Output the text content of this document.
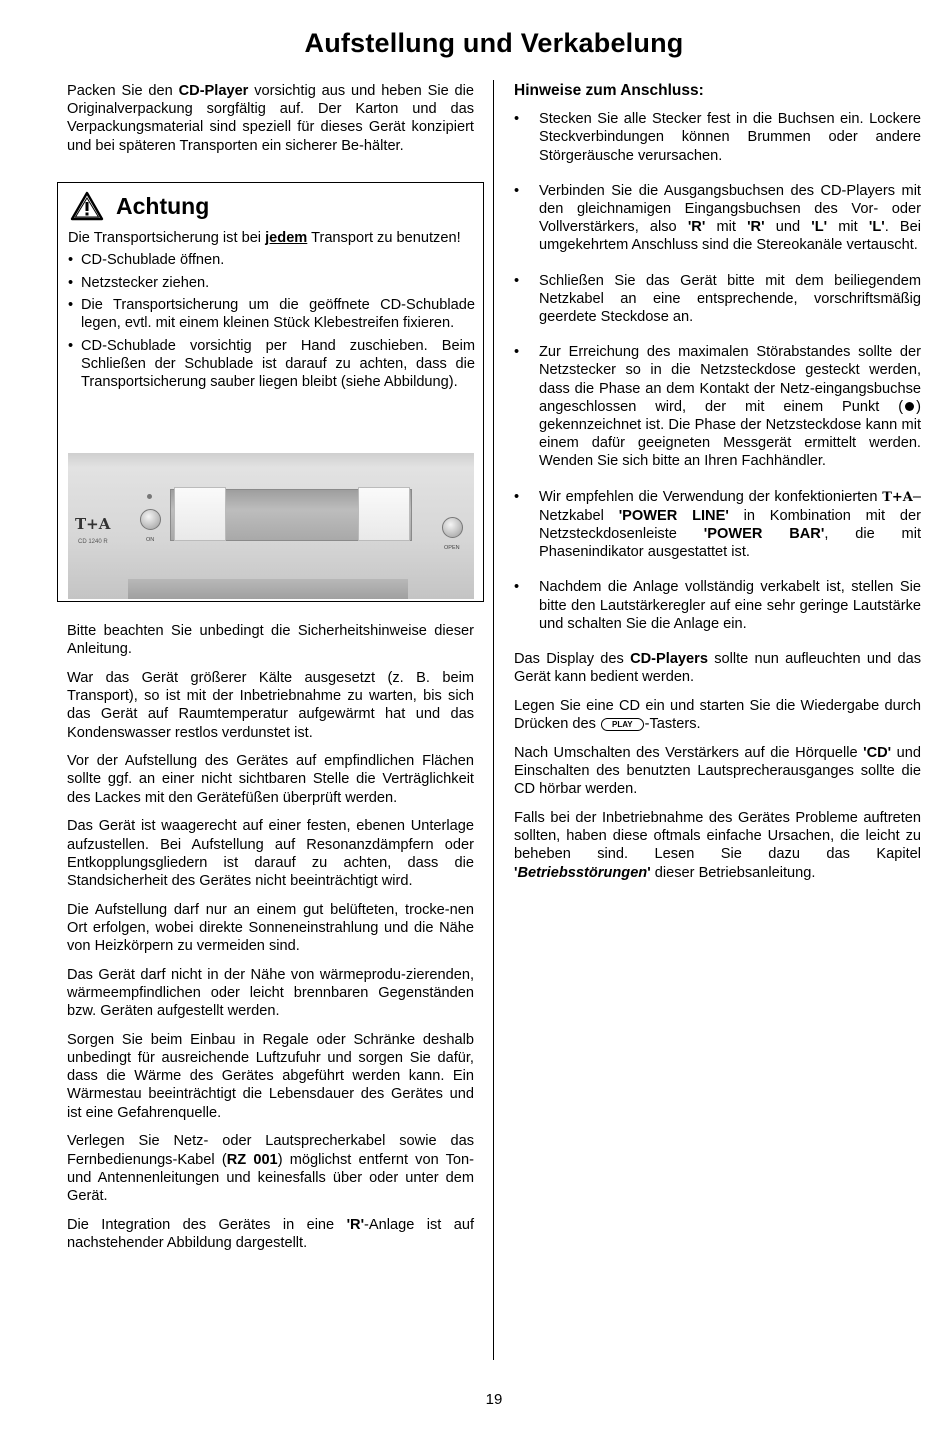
Aufstellung und Verkabelung

Packen Sie den CD-Player vorsichtig aus und heben Sie die Originalverpackung sorgfältig auf. Der Karton und das Verpackungsmaterial sind speziell für dieses Gerät konzipiert und bei späteren Transporten ein sicherer Be-hälter.

Achtung

Die Transportsicherung ist bei jedem Transport zu benutzen!

• CD-Schublade öffnen.
• Netzstecker ziehen.
• Die Transportsicherung um die geöffnete CD-Schublade legen, evtl. mit einem kleinen Stück Klebestreifen fixieren.
• CD-Schublade vorsichtig per Hand zuschieben. Beim Schließen der Schublade ist darauf zu achten, dass die Transportsicherung sauber liegen bleibt (siehe Abbildung).
T+A
CD 1240 R	ON
OPEN

Bitte beachten Sie unbedingt die Sicherheitshinweise dieser Anleitung.

War das Gerät größerer Kälte ausgesetzt (z. B. beim Transport), so ist mit der Inbetriebnahme zu warten, bis sich das Gerät auf Raumtemperatur aufgewärmt hat und das Kondenswasser restlos verdunstet ist.

Vor der Aufstellung des Gerätes auf empfindlichen Flächen sollte ggf. an einer nicht sichtbaren Stelle die Verträglichkeit des Lackes mit den Gerätefüßen überprüft werden.

Das Gerät ist waagerecht auf einer festen, ebenen Unterlage aufzustellen. Bei Aufstellung auf Resonanzdämpfern oder Entkopplungsgliedern ist darauf zu achten, dass die Standsicherheit des Gerätes nicht beeinträchtigt wird.

Die Aufstellung darf nur an einem gut belüfteten, trocke-nen Ort erfolgen, wobei direkte Sonneneinstrahlung und die Nähe von Heizkörpern zu vermeiden sind.

Das Gerät darf nicht in der Nähe von wärmeprodu-zierenden, wärmeempfindlichen oder leicht brennbaren Gegenständen bzw. Geräten aufgestellt werden.

Sorgen Sie beim Einbau in Regale oder Schränke deshalb unbedingt für ausreichende Luftzufuhr und sorgen Sie dafür, dass die Wärme des Gerätes abgeführt werden kann. Ein Wärmestau beeinträchtigt die Lebensdauer des Gerätes und ist eine Gefahrenquelle.

Verlegen Sie Netz- oder Lautsprecherkabel sowie das Fernbedienungs-Kabel (RZ 001) möglichst entfernt von Ton- und Antennenleitungen und keinesfalls über oder unter dem Gerät.

Die Integration des Gerätes in eine 'R'-Anlage ist auf nachstehender Abbildung dargestellt.

Hinweise zum Anschluss:
• Stecken Sie alle Stecker fest in die Buchsen ein. Lockere Steckverbindungen können Brummen oder andere Störgeräusche verursachen.
• Verbinden Sie die Ausgangsbuchsen des CD-Players mit den gleichnamigen Eingangsbuchsen des Vor- oder Vollverstärkers, also 'R' mit 'R' und 'L' mit 'L'. Bei umgekehrtem Anschluss sind die Stereokanäle vertauscht.
• Schließen Sie das Gerät bitte mit dem beiliegendem Netzkabel an eine entsprechende, vorschriftsmäßig geerdete Steckdose an.
• Zur Erreichung des maximalen Störabstandes sollte der Netzstecker so in die Netzsteckdose gesteckt werden, dass die Phase an dem Kontakt der Netz-eingangsbuchse angeschlossen wird, der mit einem Punkt ( ) gekennzeichnet ist. Die Phase der Netzsteckdose kann mit einem dafür geeigneten Messgerät ermittelt werden. Wenden Sie sich bitte an Ihren Fachhändler.
• Wir empfehlen die Verwendung der konfektionierten T+A–Netzkabel 'POWER LINE' in Kombination mit der Netzsteckdosenleiste 'POWER BAR', die mit Phasenindikator ausgestattet ist.
• Nachdem die Anlage vollständig verkabelt ist, stellen Sie bitte den Lautstärkeregler auf eine sehr geringe Lautstärke und schalten Sie die Anlage ein.

Das Display des CD-Players sollte nun aufleuchten und das Gerät kann bedient werden.

Legen Sie eine CD ein und starten Sie die Wiedergabe durch Drücken des PLAY -Tasters.

Nach Umschalten des Verstärkers auf die Hörquelle 'CD' und Einschalten des benutzten Lautsprecherausganges sollte die CD hörbar werden.

Falls bei der Inbetriebnahme des Gerätes Probleme auftreten sollten, haben diese oftmals einfache Ursachen, die leicht zu beheben sind. Lesen Sie dazu das Kapitel 'Betriebsstörungen' dieser Betriebsanleitung.

19
